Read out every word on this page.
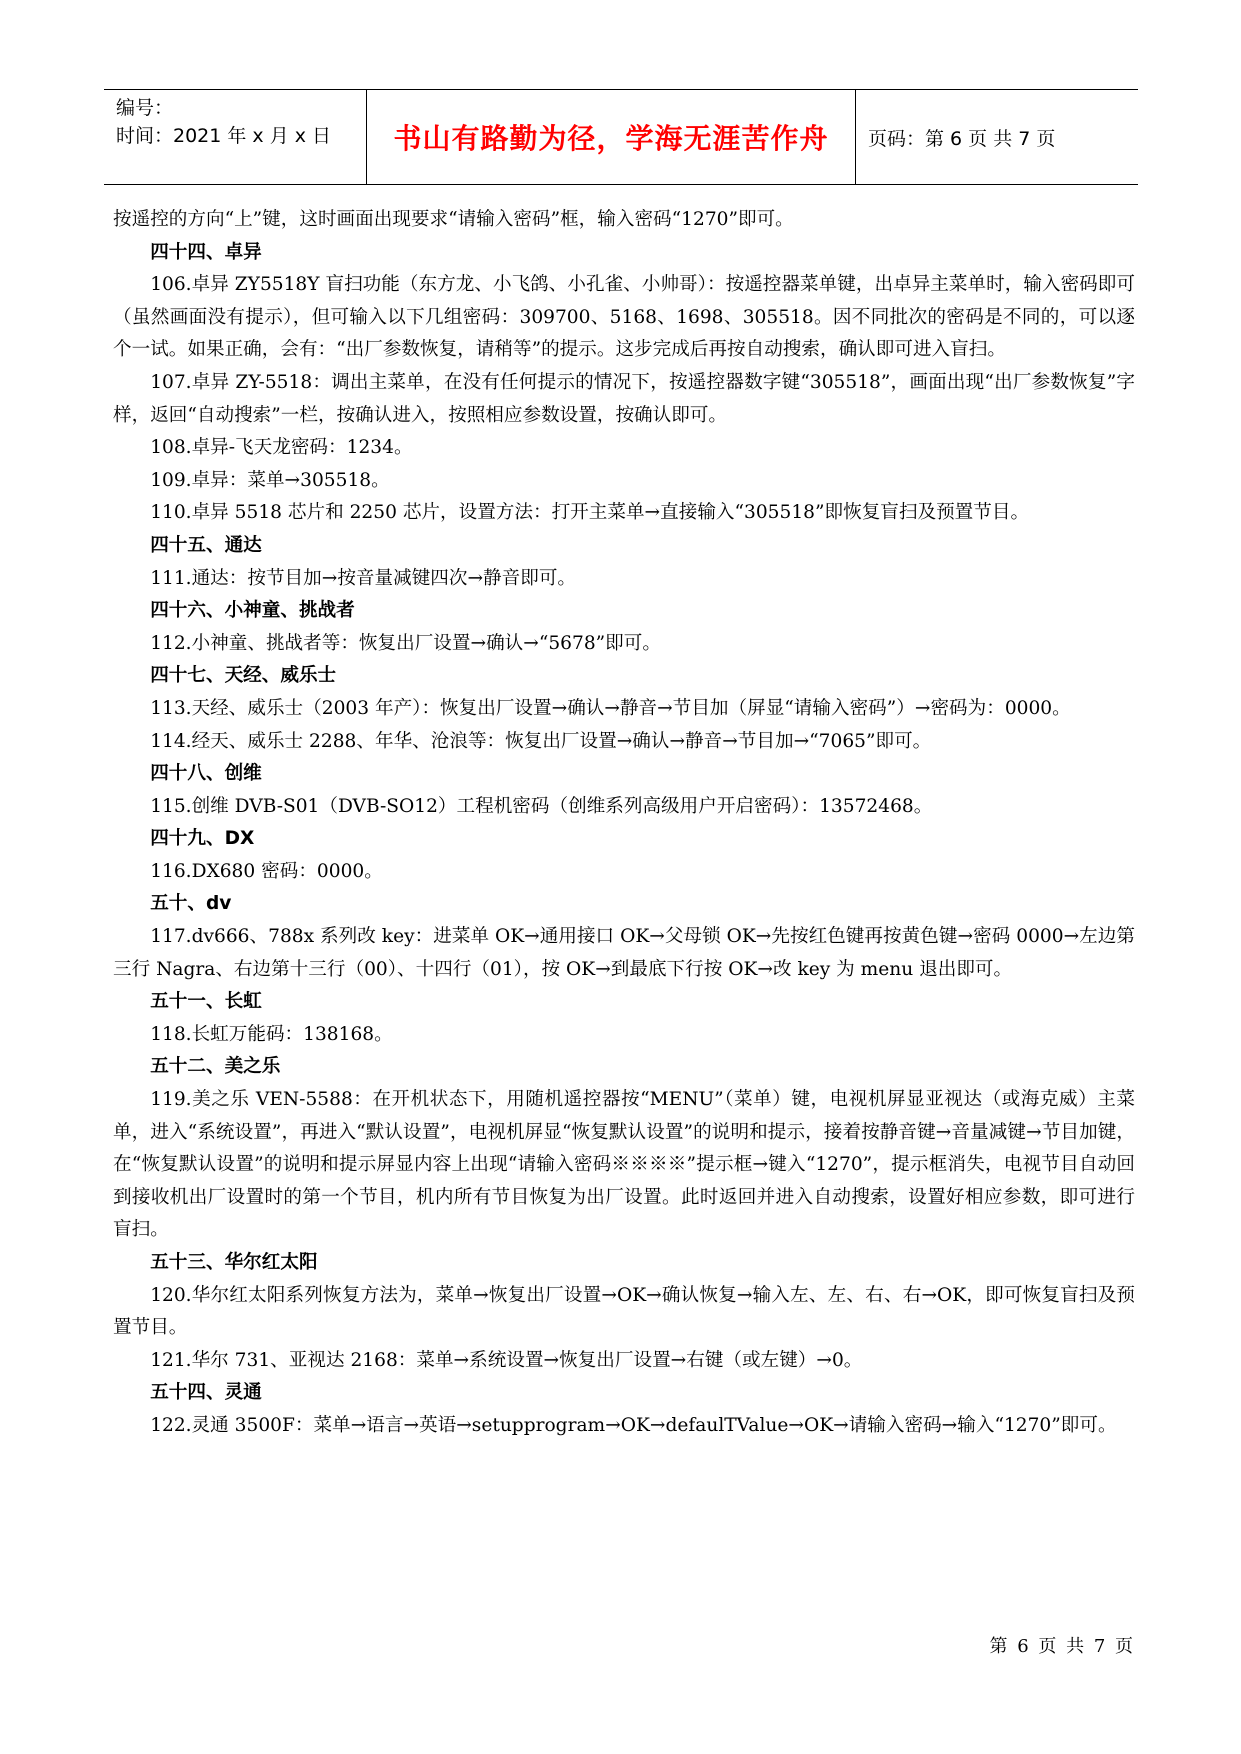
编号：
时间：2021 年 x 月 x 日	书山有路勤为径，学海无涯苦作舟 页码：第 6 页 共 7 页

按遥控的方向“上”键，这时画面出现要求“请输入密码”框，输入密码“1270”即可。

四十四、卓异

106.卓异 ZY5518Y 盲扫功能（东方龙、小飞鸽、小孔雀、小帅哥）：按遥控器菜单键，出卓异主菜单时，输入密码即可（虽然画面没有提示），但可输入以下几组密码：309700、5168、1698、305518。因不同批次的密码是不同的，可以逐个一试。如果正确，会有：“出厂参数恢复，请稍等”的提示。这步完成后再按自动搜索，确认即可进入盲扫。

107.卓异 ZY-5518：调出主菜单，在没有任何提示的情况下，按遥控器数字键“305518”，画面出现“出厂参数恢复”字样，返回“自动搜索”一栏，按确认进入，按照相应参数设置，按确认即可。

108.卓异-飞天龙密码：1234。

109.卓异：菜单→305518。

110.卓异 5518 芯片和 2250 芯片，设置方法：打开主菜单→直接输入“305518”即恢复盲扫及预置节目。

四十五、通达

111.通达：按节目加→按音量减键四次→静音即可。

四十六、小神童、挑战者

112.小神童、挑战者等：恢复出厂设置→确认→“5678”即可。

四十七、天经、威乐士

113.天经、威乐士（2003 年产）：恢复出厂设置→确认→静音→节目加（屏显“请输入密码”）→密码为：0000。

114.经天、威乐士 2288、年华、沧浪等：恢复出厂设置→确认→静音→节目加→“7065”即可。

四十八、创维

115.创维 DVB-S01（DVB-SO12）工程机密码（创维系列高级用户开启密码）：13572468。

四十九、DX

116.DX680 密码：0000。

五十、dv

117.dv666、788x 系列改 key：进菜单 OK→通用接口 OK→父母锁 OK→先按红色键再按黄色键→密码 0000→左边第三行 Nagra、右边第十三行（00）、十四行（01），按 OK→到最底下行按 OK→改 key 为 menu 退出即可。

五十一、长虹

118.长虹万能码：138168。

五十二、美之乐

119.美之乐 VEN-5588：在开机状态下，用随机遥控器按“MENU”（菜单）键，电视机屏显亚视达（或海克威）主菜单，进入“系统设置”，再进入“默认设置”，电视机屏显“恢复默认设置”的说明和提示，接着按静音键→音量减键→节目加键，在“恢复默认设置”的说明和提示屏显内容上出现“请输入密码※※※※”提示框→键入“1270”，提示框消失，电视节目自动回到接收机出厂设置时的第一个节目，机内所有节目恢复为出厂设置。此时返回并进入自动搜索，设置好相应参数，即可进行盲扫。

五十三、华尔红太阳

120.华尔红太阳系列恢复方法为，菜单→恢复出厂设置→OK→确认恢复→输入左、左、右、右→OK，即可恢复盲扫及预置节目。

121.华尔 731、亚视达 2168：菜单→系统设置→恢复出厂设置→右键（或左键）→0。

五十四、灵通

122.灵通 3500F：菜单→语言→英语→setupprogram→OK→defaulTValue→OK→请输入密码→输入“1270”即可。

第 6 页 共 7 页
